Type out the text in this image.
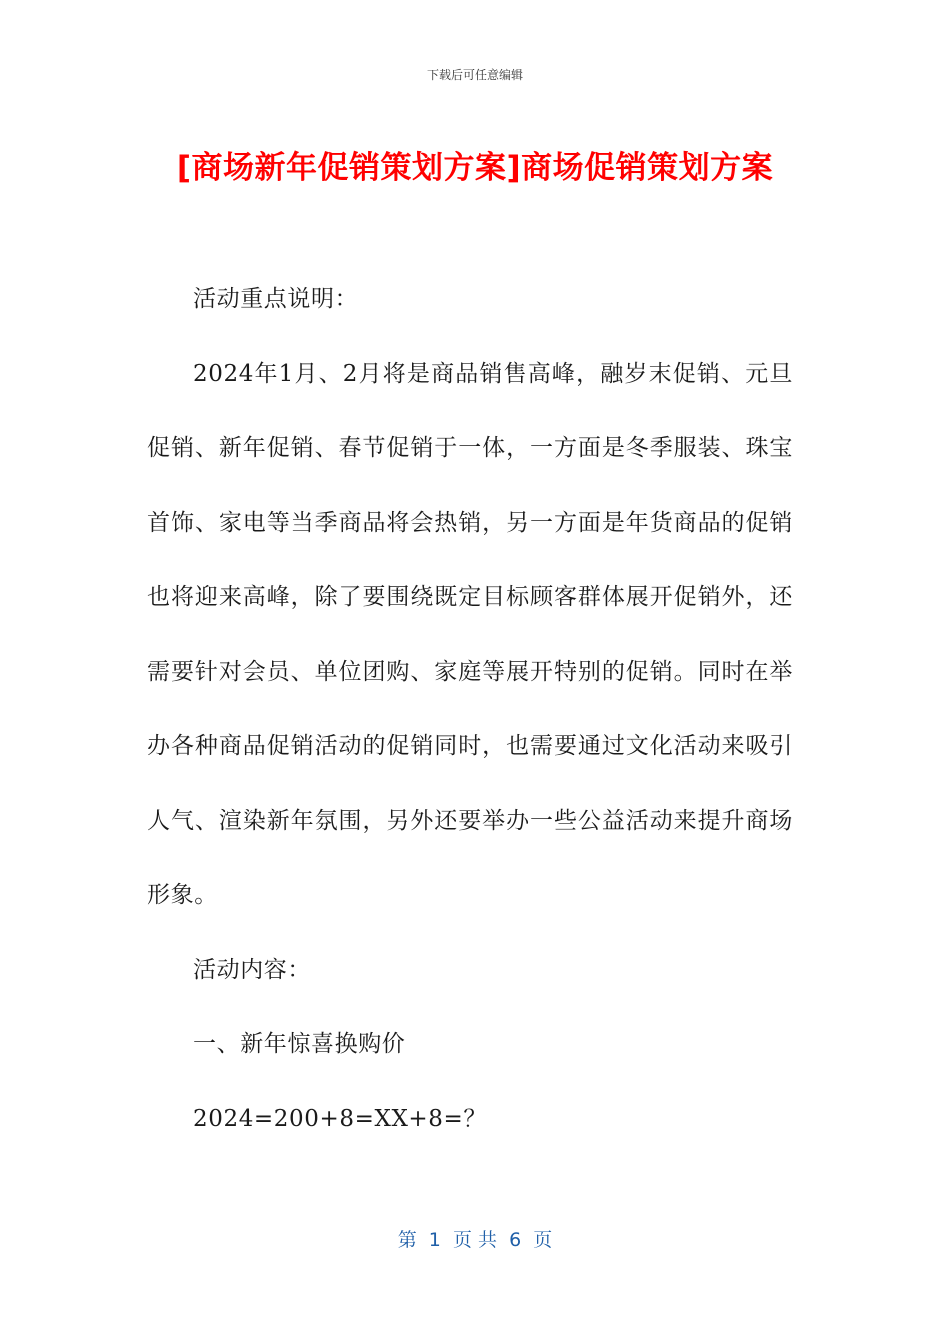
下载后可任意编辑
[商场新年促销策划方案]商场促销策划方案

活动重点说明：

2024年1月、2月将是商品销售高峰，融岁末促销、元旦促销、新年促销、春节促销于一体，一方面是冬季服装、珠宝首饰、家电等当季商品将会热销，另一方面是年货商品的促销也将迎来高峰，除了要围绕既定目标顾客群体展开促销外，还需要针对会员、单位团购、家庭等展开特别的促销。同时在举办各种商品促销活动的促销同时，也需要通过文化活动来吸引人气、渲染新年氛围，另外还要举办一些公益活动来提升商场形象。

活动内容：

一、新年惊喜换购价

2024=200+8=XX+8=？

第  1  页 共  6  页
